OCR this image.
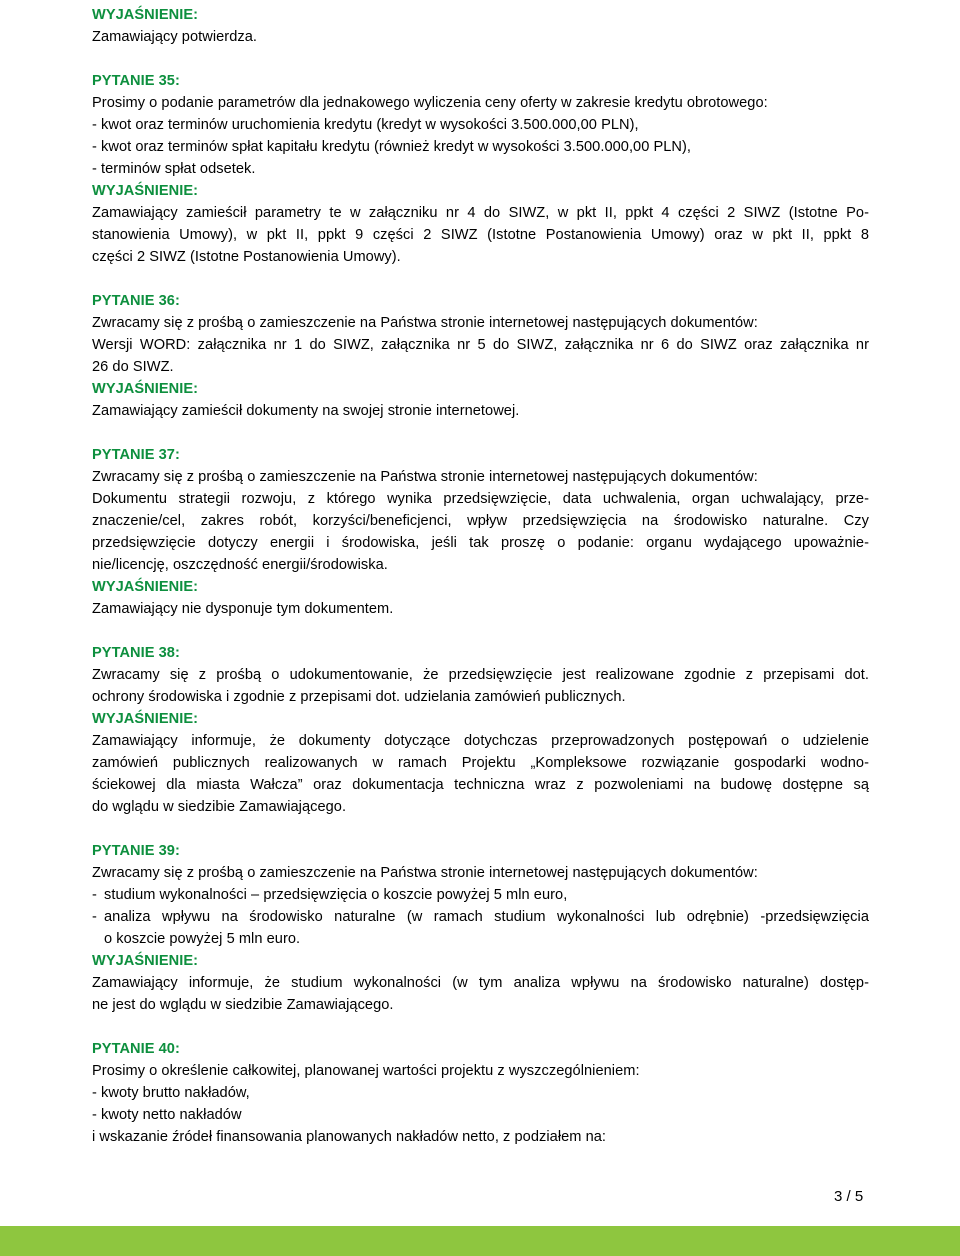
WYJAŚNIENIE:
Zamawiający potwierdza.
PYTANIE 35:
Prosimy o podanie parametrów dla jednakowego wyliczenia ceny oferty w zakresie kredytu obrotowego:
- kwot oraz terminów uruchomienia kredytu (kredyt w wysokości 3.500.000,00 PLN),
- kwot oraz terminów spłat kapitału kredytu (również kredyt w wysokości 3.500.000,00 PLN),
- terminów spłat odsetek.
WYJAŚNIENIE:
Zamawiający zamieścił parametry te w załączniku nr 4 do SIWZ, w pkt II, ppkt 4 części 2 SIWZ (Istotne Po-
stanowienia Umowy), w pkt II, ppkt 9 części 2 SIWZ (Istotne Postanowienia Umowy) oraz w pkt II, ppkt 8
części 2 SIWZ (Istotne Postanowienia Umowy).
PYTANIE 36:
Zwracamy się z prośbą o zamieszczenie na Państwa stronie internetowej następujących dokumentów:
Wersji WORD: załącznika nr 1 do SIWZ, załącznika nr 5 do SIWZ, załącznika nr 6 do SIWZ oraz załącznika nr
26 do SIWZ.
WYJAŚNIENIE:
Zamawiający zamieścił dokumenty na swojej stronie internetowej.
PYTANIE 37:
Zwracamy się z prośbą o zamieszczenie na Państwa stronie internetowej następujących dokumentów:
Dokumentu strategii rozwoju, z którego wynika przedsięwzięcie, data uchwalenia, organ uchwalający, prze-
znaczenie/cel, zakres robót, korzyści/beneficjenci, wpływ przedsięwzięcia na środowisko naturalne. Czy
przedsięwzięcie dotyczy energii i środowiska, jeśli tak proszę o podanie: organu wydającego upoważnie-
nie/licencję, oszczędność energii/środowiska.
WYJAŚNIENIE:
Zamawiający nie dysponuje tym dokumentem.
PYTANIE 38:
Zwracamy się z prośbą o udokumentowanie, że przedsięwzięcie jest realizowane zgodnie z przepisami dot.
ochrony środowiska i zgodnie z przepisami dot. udzielania zamówień publicznych.
WYJAŚNIENIE:
Zamawiający informuje, że dokumenty dotyczące dotychczas przeprowadzonych postępowań o udzielenie
zamówień publicznych realizowanych w ramach Projektu „Kompleksowe rozwiązanie gospodarki wodno-
ściekowej dla miasta Wałcza” oraz dokumentacja techniczna wraz z pozwoleniami na budowę dostępne są
do wglądu w siedzibie Zamawiającego.
PYTANIE 39:
Zwracamy się z prośbą o zamieszczenie na Państwa stronie internetowej następujących dokumentów:
- studium wykonalności – przedsięwzięcia o koszcie powyżej 5 mln euro,
- analiza wpływu na środowisko naturalne (w ramach studium wykonalności lub odrębnie) -przedsięwzięcia
o koszcie powyżej 5 mln euro.
WYJAŚNIENIE:
Zamawiający informuje, że studium wykonalności (w tym analiza wpływu na środowisko naturalne) dostęp-
ne jest do wglądu w siedzibie Zamawiającego.
PYTANIE 40:
Prosimy o określenie całkowitej, planowanej wartości projektu z wyszczególnieniem:
- kwoty brutto nakładów,
- kwoty netto nakładów
i wskazanie źródeł finansowania planowanych nakładów netto, z podziałem na:
3 / 5
